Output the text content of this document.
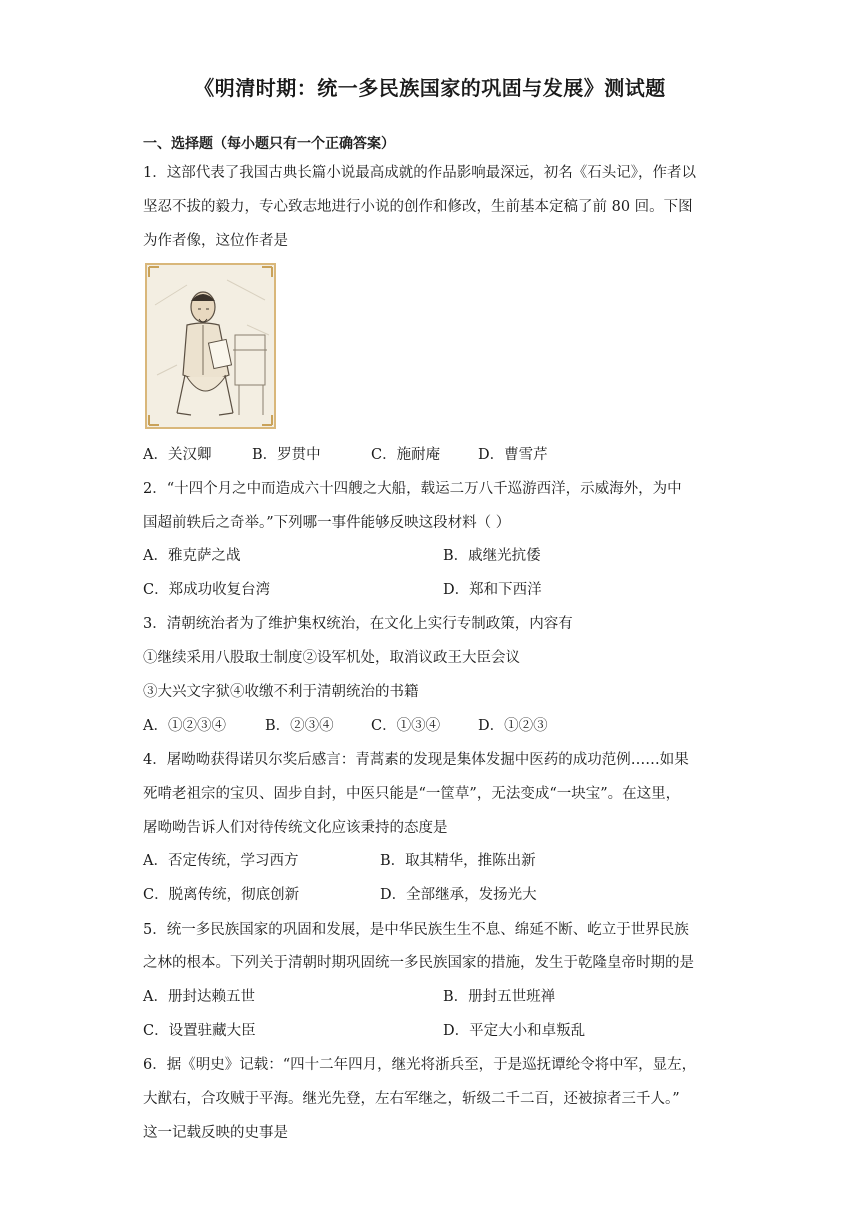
《明清时期：统一多民族国家的巩固与发展》测试题
一、选择题（每小题只有一个正确答案）
1．这部代表了我国古典长篇小说最高成就的作品影响最深远，初名《石头记》，作者以
坚忍不拔的毅力，专心致志地进行小说的创作和修改，生前基本定稿了前 80 回。下图
为作者像，这位作者是
A．关汉卿	B．罗贯中	C．施耐庵	D．曹雪芹
2．“十四个月之中而造成六十四艘之大船，载运二万八千巡游西洋，示威海外，为中
国超前轶后之奇举。”下列哪一事件能够反映这段材料（ ）
A．雅克萨之战	B．戚继光抗倭
C．郑成功收复台湾	D．郑和下西洋
3．清朝统治者为了维护集权统治，在文化上实行专制政策，内容有
①继续采用八股取士制度②设军机处，取消议政王大臣会议
③大兴文字狱④收缴不利于清朝统治的书籍
A．①②③④	B．②③④	C．①③④	D．①②③
4．屠呦呦获得诺贝尔奖后感言：青蒿素的发现是集体发掘中医药的成功范例……如果
死啃老祖宗的宝贝、固步自封，中医只能是“一筐草”，无法变成“一块宝”。在这里，
屠呦呦告诉人们对待传统文化应该秉持的态度是
A．否定传统，学习西方	B．取其精华，推陈出新
C．脱离传统，彻底创新	D．全部继承，发扬光大
5．统一多民族国家的巩固和发展，是中华民族生生不息、绵延不断、屹立于世界民族
之林的根本。下列关于清朝时期巩固统一多民族国家的措施，发生于乾隆皇帝时期的是
A．册封达赖五世	B．册封五世班禅
C．设置驻藏大臣	D．平定大小和卓叛乱
6．据《明史》记载：“四十二年四月，继光将浙兵至，于是巡抚谭纶令将中军，显左，
大猷右，合攻贼于平海。继光先登，左右军继之，斩级二千二百，还被掠者三千人。”
这一记载反映的史事是
